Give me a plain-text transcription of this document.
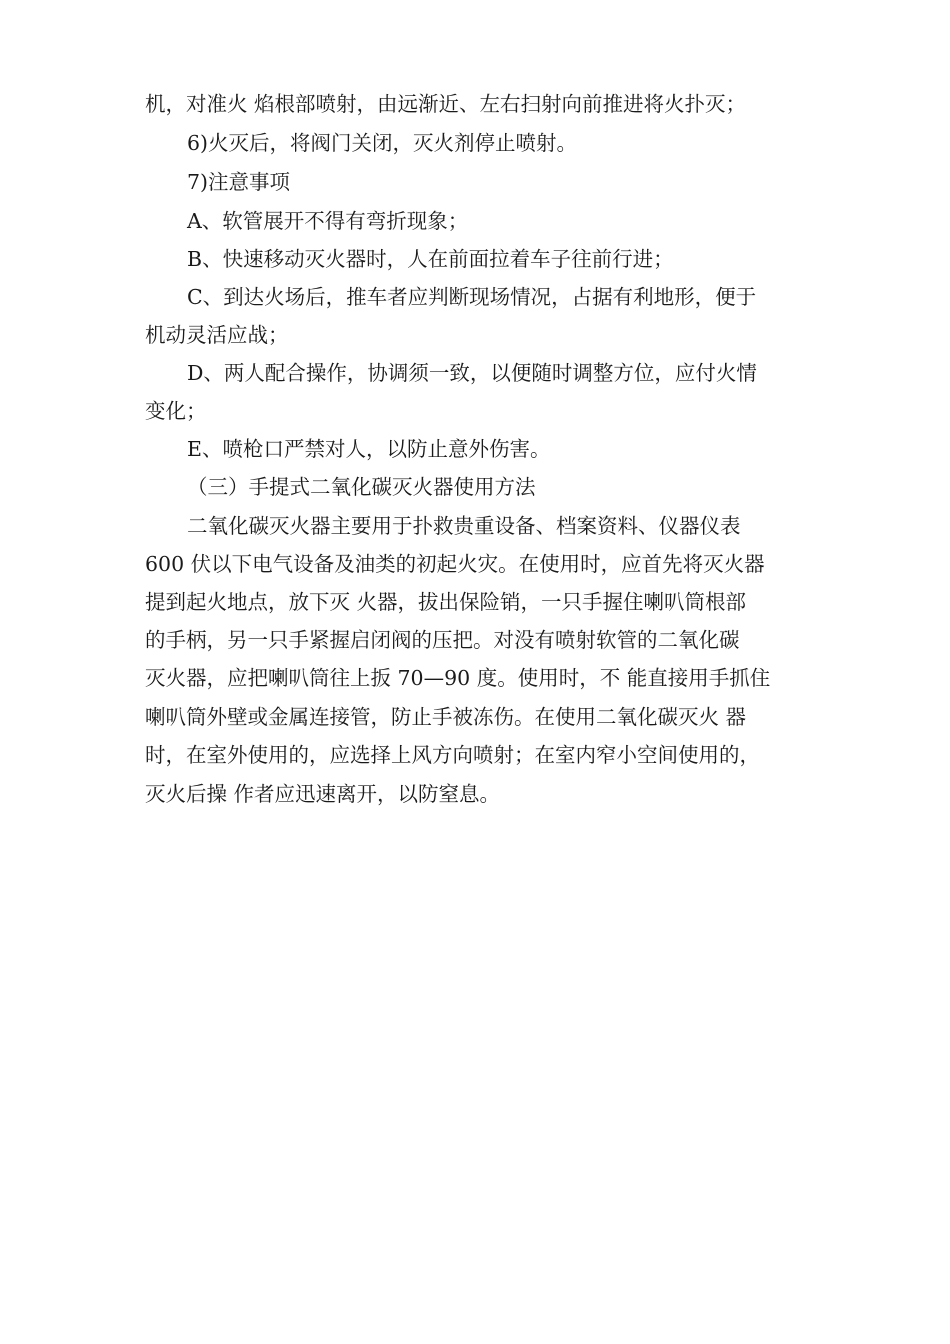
机，对准火 焰根部喷射，由远渐近、左右扫射向前推进将火扑灭；
6)火灭后，将阀门关闭，灭火剂停止喷射。
7)注意事项
A、软管展开不得有弯折现象；
B、快速移动灭火器时，人在前面拉着车子往前行进；
C、到达火场后，推车者应判断现场情况，占据有利地形，便于
机动灵活应战；
D、两人配合操作，协调须一致，以便随时调整方位，应付火情
变化；
E、喷枪口严禁对人，以防止意外伤害。
（三）手提式二氧化碳灭火器使用方法
二氧化碳灭火器主要用于扑救贵重设备、档案资料、仪器仪表
600 伏以下电气设备及油类的初起火灾。在使用时，应首先将灭火器
提到起火地点，放下灭 火器，拔出保险销，一只手握住喇叭筒根部
的手柄，另一只手紧握启闭阀的压把。对没有喷射软管的二氧化碳
灭火器，应把喇叭筒往上扳 70—90 度。使用时，不 能直接用手抓住
喇叭筒外壁或金属连接管，防止手被冻伤。在使用二氧化碳灭火 器
时，在室外使用的，应选择上风方向喷射；在室内窄小空间使用的，
灭火后操 作者应迅速离开，以防窒息。
